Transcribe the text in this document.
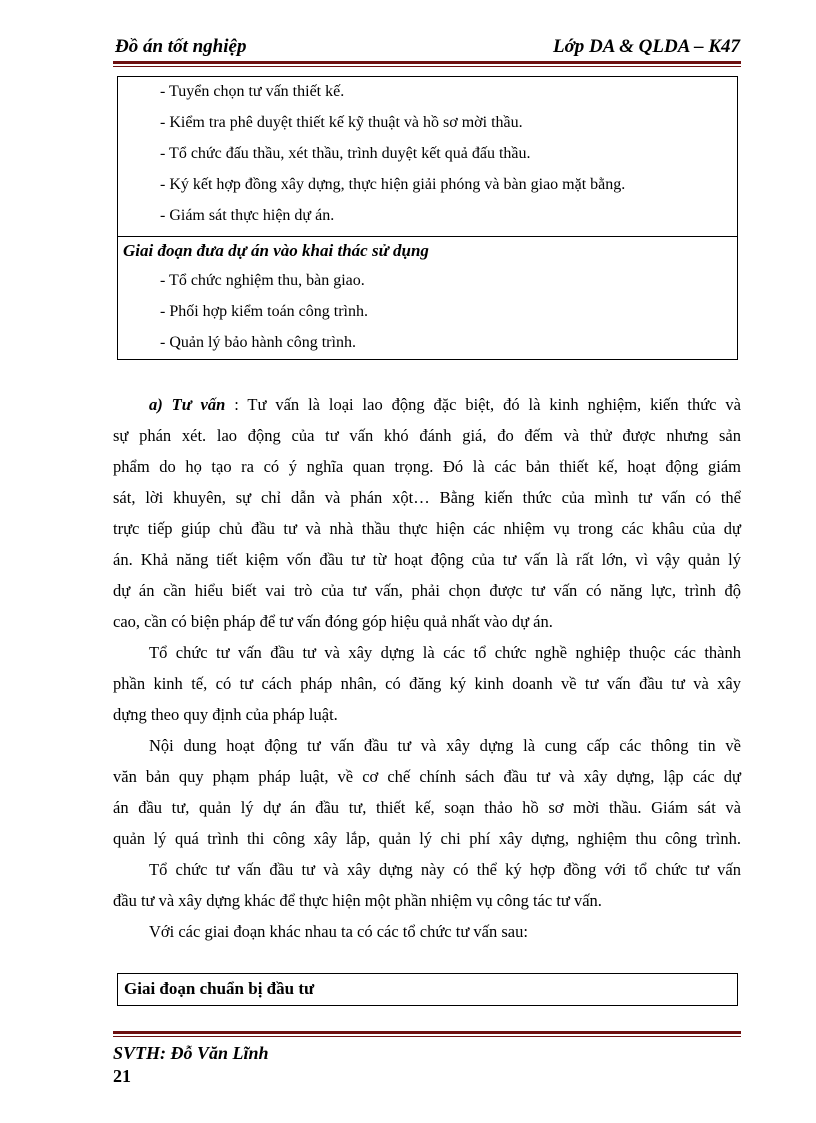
Đồ án tốt nghiệp	Lớp DA & QLDA – K47
- Tuyển chọn tư vấn thiết kế.
- Kiểm tra phê duyệt thiết kế kỹ thuật và hồ sơ mời thầu.
- Tổ chức đấu thầu, xét thầu, trình duyệt kết quả đấu thầu.
- Ký kết hợp đồng xây dựng, thực hiện giải phóng và bàn giao mặt bằng.
- Giám sát thực hiện dự án.
Giai đoạn đưa dự án vào khai thác sử dụng
- Tổ chức nghiệm thu, bàn giao.
- Phối hợp kiểm toán công trình.
- Quản lý bảo hành công trình.
a) Tư vấn : Tư vấn là loại lao động đặc biệt, đó là kinh nghiệm, kiến thức và
sự phán xét. lao động của tư vấn khó đánh giá, đo đếm và thử được nhưng sản
phẩm do họ tạo ra có ý nghĩa quan trọng. Đó là các bản thiết kế, hoạt động giám
sát, lời khuyên, sự chỉ dẫn và phán xột… Bằng kiến thức của mình tư vấn có thể
trực tiếp giúp chủ đầu tư và nhà thầu thực hiện các nhiệm vụ trong các khâu của dự
án. Khả năng tiết kiệm vốn đầu tư từ hoạt động của tư vấn là rất lớn, vì vậy quản lý
dự án cần hiểu biết vai trò của tư vấn, phải chọn được tư vấn có năng lực, trình độ
cao, cần có biện pháp để tư vấn đóng góp hiệu quả nhất vào dự án.
Tổ chức tư vấn đầu tư và xây dựng là các tổ chức nghề nghiệp thuộc các thành
phần kinh tế, có tư cách pháp nhân, có đăng ký kinh doanh về tư vấn đầu tư và xây
dựng theo quy định của pháp luật.
Nội dung hoạt động tư vấn đầu tư và xây dựng là cung cấp các thông tin về
văn bản quy phạm pháp luật, về cơ chế chính sách đầu tư và xây dựng, lập các dự
án đầu tư, quản lý dự án đầu tư, thiết kế, soạn thảo hồ sơ mời thầu. Giám sát và
quản lý quá trình thi công xây lắp, quản lý chi phí xây dựng, nghiệm thu công trình.
Tổ chức tư vấn đầu tư và xây dựng này có thể ký hợp đồng với tổ chức tư vấn
đầu tư và xây dựng khác để thực hiện một phần nhiệm vụ công tác tư vấn.
Với các giai đoạn khác nhau ta có các tổ chức tư vấn sau:
Giai đoạn chuẩn bị đầu tư
SVTH: Đỗ Văn Lĩnh
21
